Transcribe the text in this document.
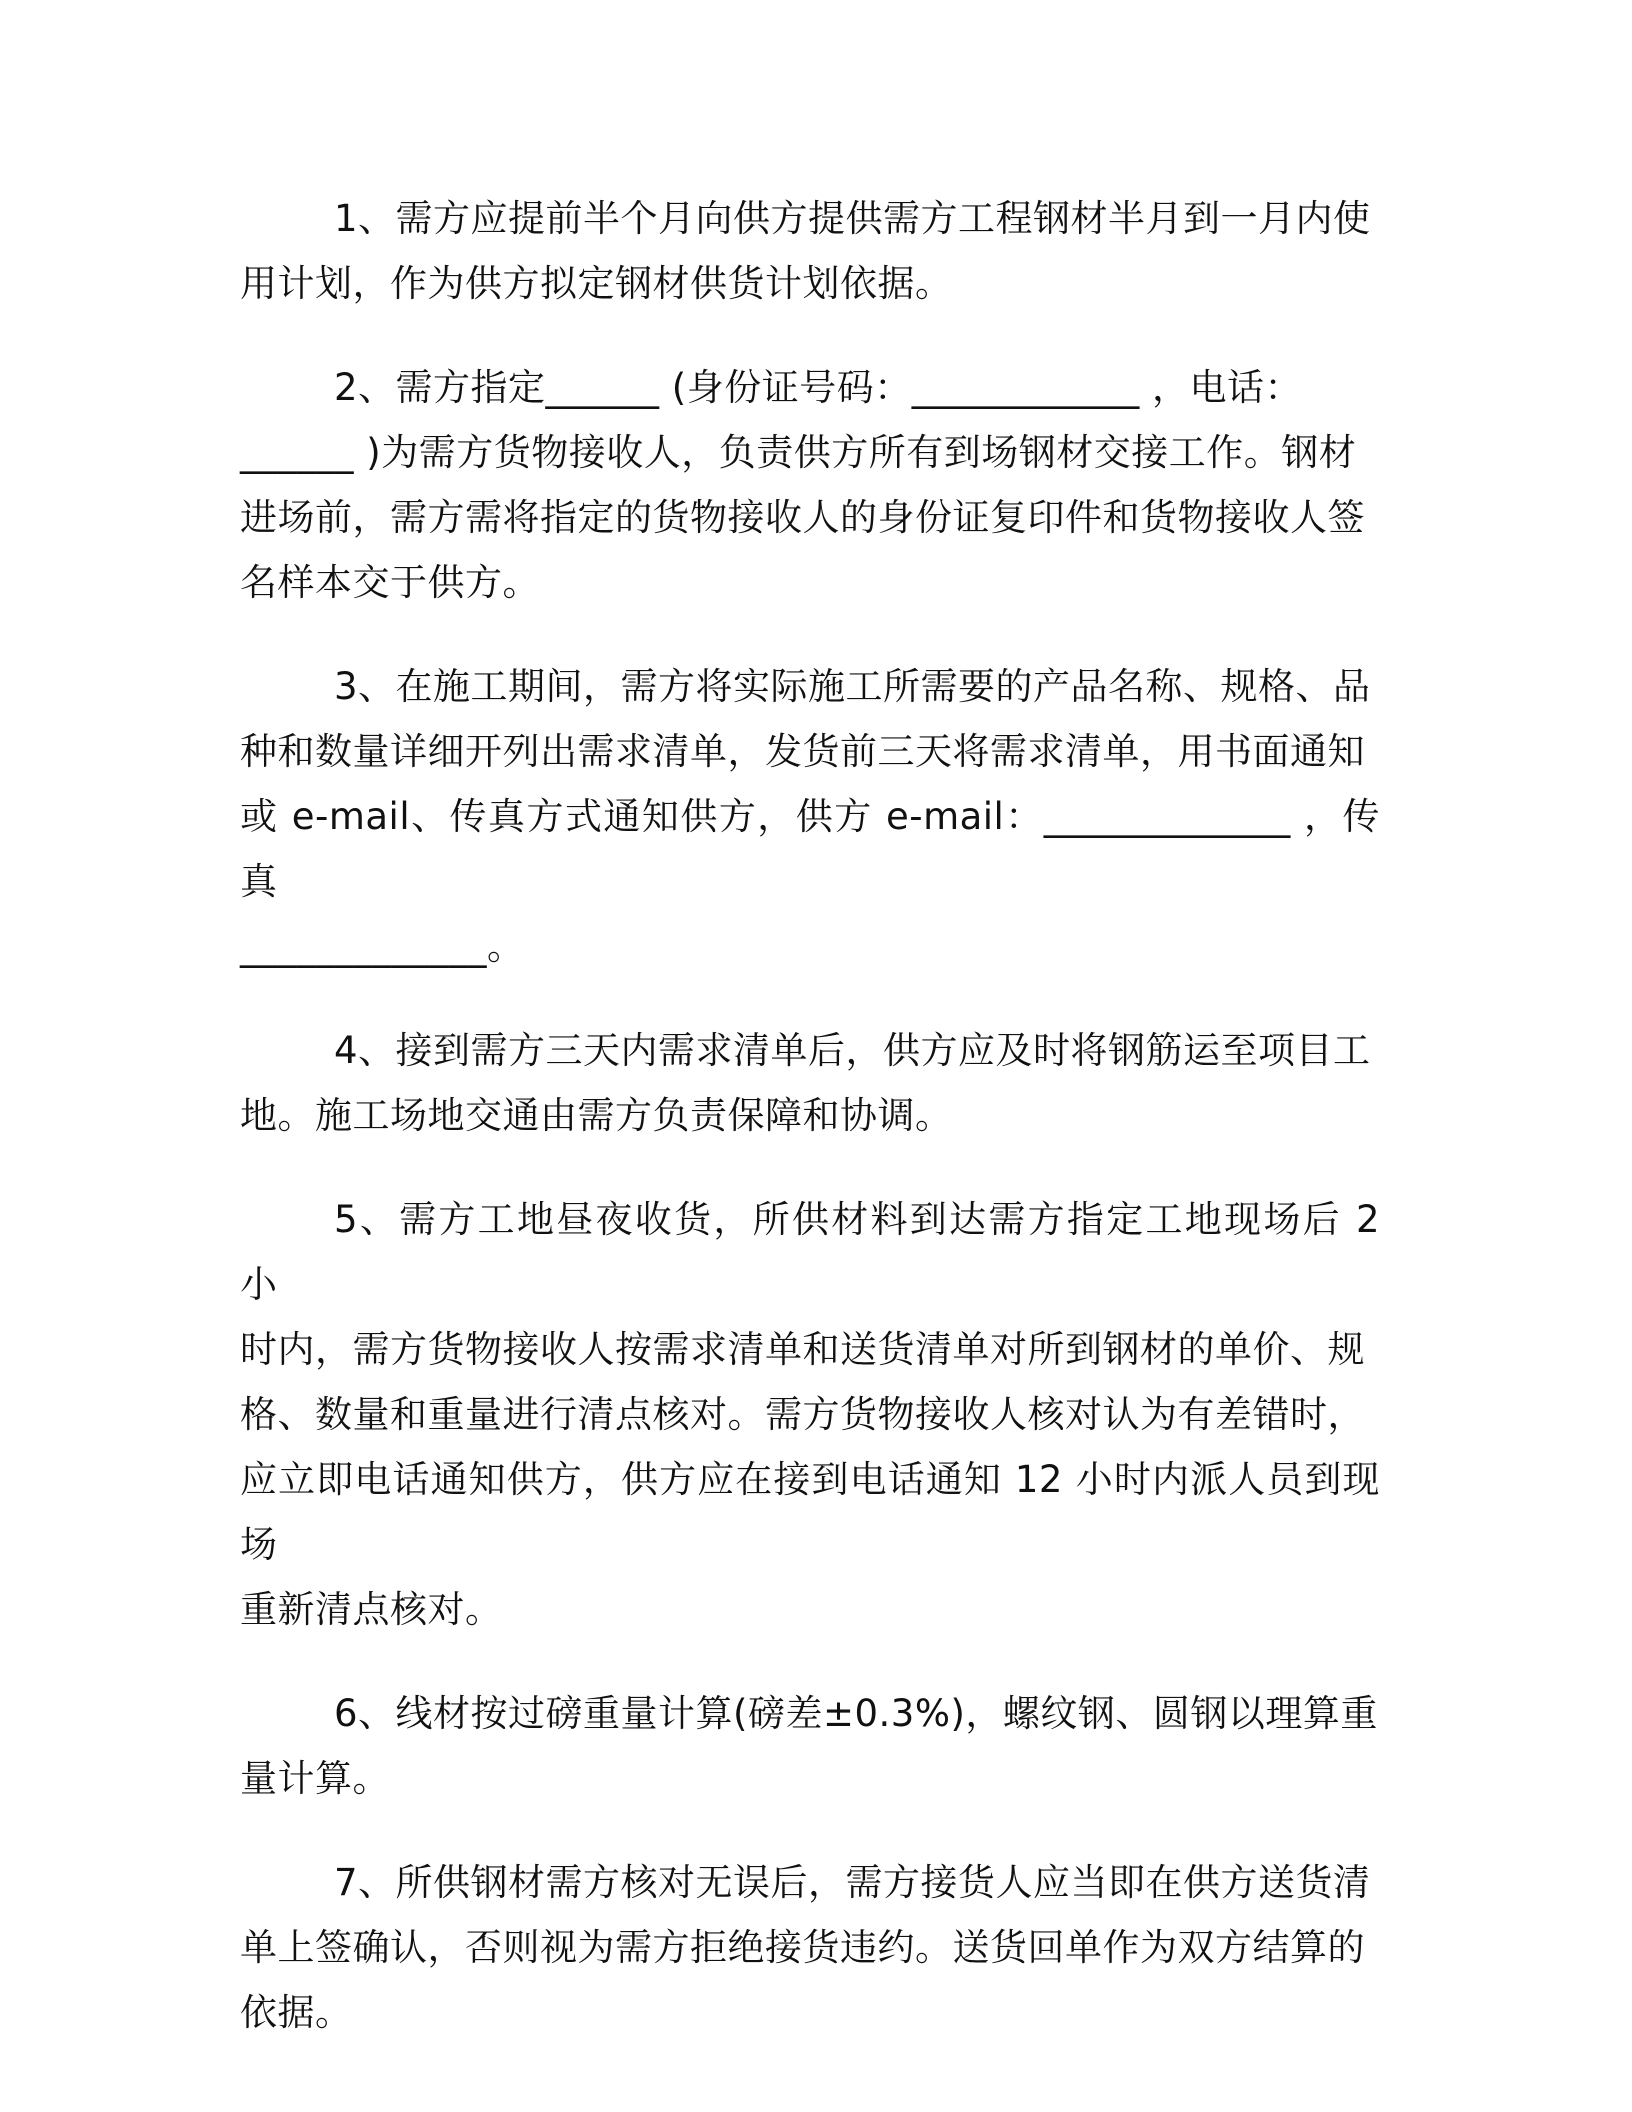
1、需方应提前半个月向供方提供需方工程钢材半月到一月内使
用计划，作为供方拟定钢材供货计划依据。
2、需方指定______ (身份证号码：____________ ，电话：
______ )为需方货物接收人，负责供方所有到场钢材交接工作。钢材
进场前，需方需将指定的货物接收人的身份证复印件和货物接收人签
名样本交于供方。
3、在施工期间，需方将实际施工所需要的产品名称、规格、品
种和数量详细开列出需求清单，发货前三天将需求清单，用书面通知
或 e-mail、传真方式通知供方，供方 e-mail：_____________ ，传真
_____________。
4、接到需方三天内需求清单后，供方应及时将钢筋运至项目工
地。施工场地交通由需方负责保障和协调。
5、需方工地昼夜收货，所供材料到达需方指定工地现场后 2 小
时内，需方货物接收人按需求清单和送货清单对所到钢材的单价、规
格、数量和重量进行清点核对。需方货物接收人核对认为有差错时，
应立即电话通知供方，供方应在接到电话通知 12 小时内派人员到现场
重新清点核对。
6、线材按过磅重量计算(磅差±0.3%)，螺纹钢、圆钢以理算重
量计算。
7、所供钢材需方核对无误后，需方接货人应当即在供方送货清
单上签确认，否则视为需方拒绝接货违约。送货回单作为双方结算的
依据。
